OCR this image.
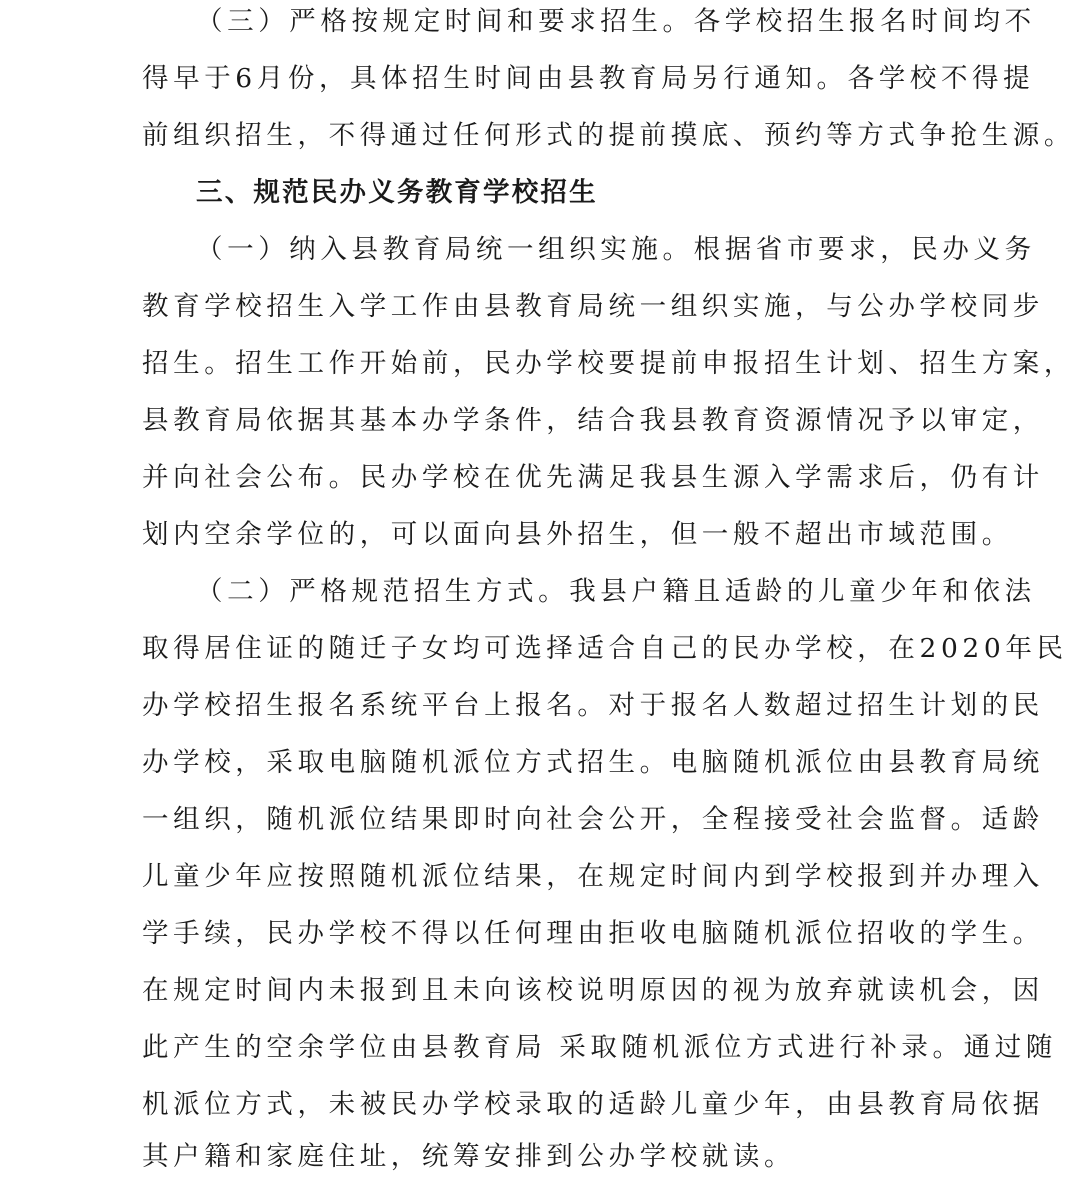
（三）严格按规定时间和要求招生。各学校招生报名时间均不
得早于6月份，具体招生时间由县教育局另行通知。各学校不得提
前组织招生，不得通过任何形式的提前摸底、预约等方式争抢生源。
三、规范民办义务教育学校招生
（一）纳入县教育局统一组织实施。根据省市要求，民办义务
教育学校招生入学工作由县教育局统一组织实施，与公办学校同步
招生。招生工作开始前，民办学校要提前申报招生计划、招生方案，
县教育局依据其基本办学条件，结合我县教育资源情况予以审定，
并向社会公布。民办学校在优先满足我县生源入学需求后，仍有计
划内空余学位的，可以面向县外招生，但一般不超出市域范围。
（二）严格规范招生方式。我县户籍且适龄的儿童少年和依法
取得居住证的随迁子女均可选择适合自己的民办学校，在2020年民
办学校招生报名系统平台上报名。对于报名人数超过招生计划的民
办学校，采取电脑随机派位方式招生。电脑随机派位由县教育局统
一组织，随机派位结果即时向社会公开，全程接受社会监督。适龄
儿童少年应按照随机派位结果，在规定时间内到学校报到并办理入
学手续，民办学校不得以任何理由拒收电脑随机派位招收的学生。
在规定时间内未报到且未向该校说明原因的视为放弃就读机会，因
此产生的空余学位由县教育局 采取随机派位方式进行补录。通过随
机派位方式，未被民办学校录取的适龄儿童少年，由县教育局依据
其户籍和家庭住址，统筹安排到公办学校就读。
